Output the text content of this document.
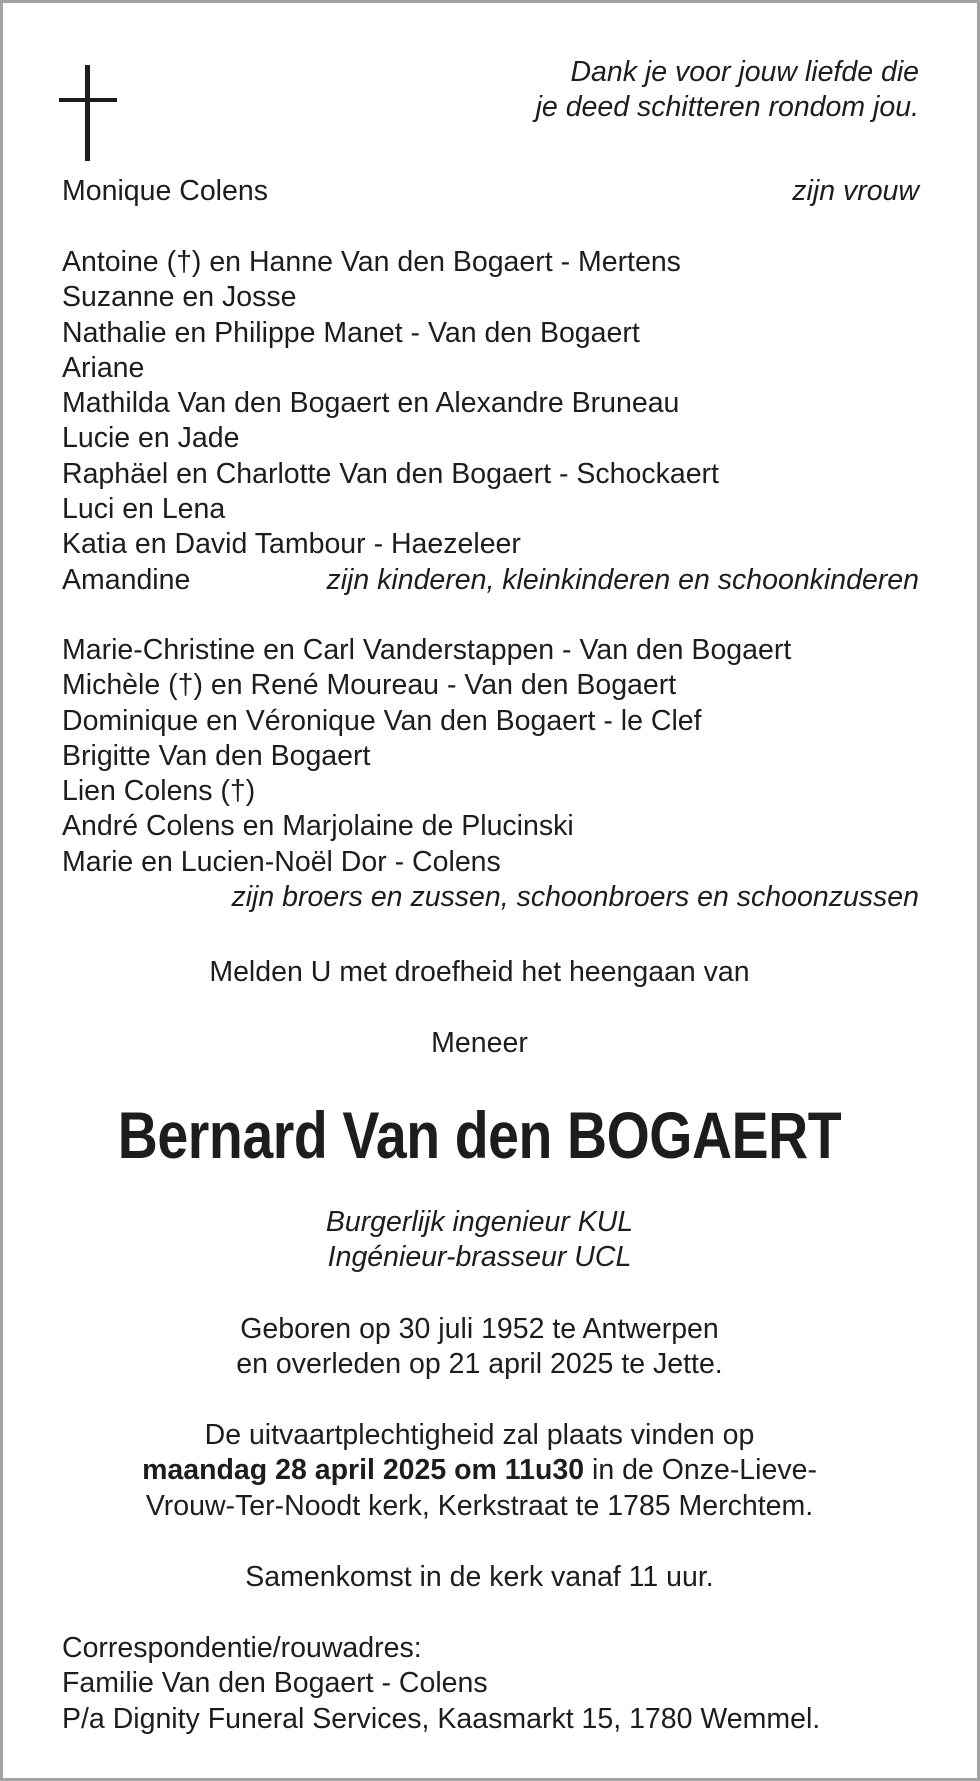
Dank je voor jouw liefde die
je deed schitteren rondom jou.
Monique Colens	zijn vrouw
Antoine (†) en Hanne Van den Bogaert - Mertens
Suzanne en Josse
Nathalie en Philippe Manet - Van den Bogaert
Ariane
Mathilda Van den Bogaert en Alexandre Bruneau
Lucie en Jade
Raphäel en Charlotte Van den Bogaert - Schockaert
Luci en Lena
Katia en David Tambour - Haezeleer
Amandine	zijn kinderen, kleinkinderen en schoonkinderen
Marie-Christine en Carl Vanderstappen - Van den Bogaert
Michèle (†) en René Moureau - Van den Bogaert
Dominique en Véronique Van den Bogaert - le Clef
Brigitte Van den Bogaert
Lien Colens (†)
André Colens en Marjolaine de Plucinski
Marie en Lucien-Noël Dor - Colens
zijn broers en zussen, schoonbroers en schoonzussen
Melden U met droefheid het heengaan van
Meneer
Bernard Van den BOGAERT
Burgerlijk ingenieur KUL
Ingénieur-brasseur UCL
Geboren op 30 juli 1952 te Antwerpen
en overleden op 21 april 2025 te Jette.
De uitvaartplechtigheid zal plaats vinden op
maandag 28 april 2025 om 11u30 in de Onze-Lieve-
Vrouw-Ter-Noodt kerk, Kerkstraat te 1785 Merchtem.
Samenkomst in de kerk vanaf 11 uur.
Correspondentie/rouwadres:
Familie Van den Bogaert - Colens
P/a Dignity Funeral Services, Kaasmarkt 15, 1780 Wemmel.
